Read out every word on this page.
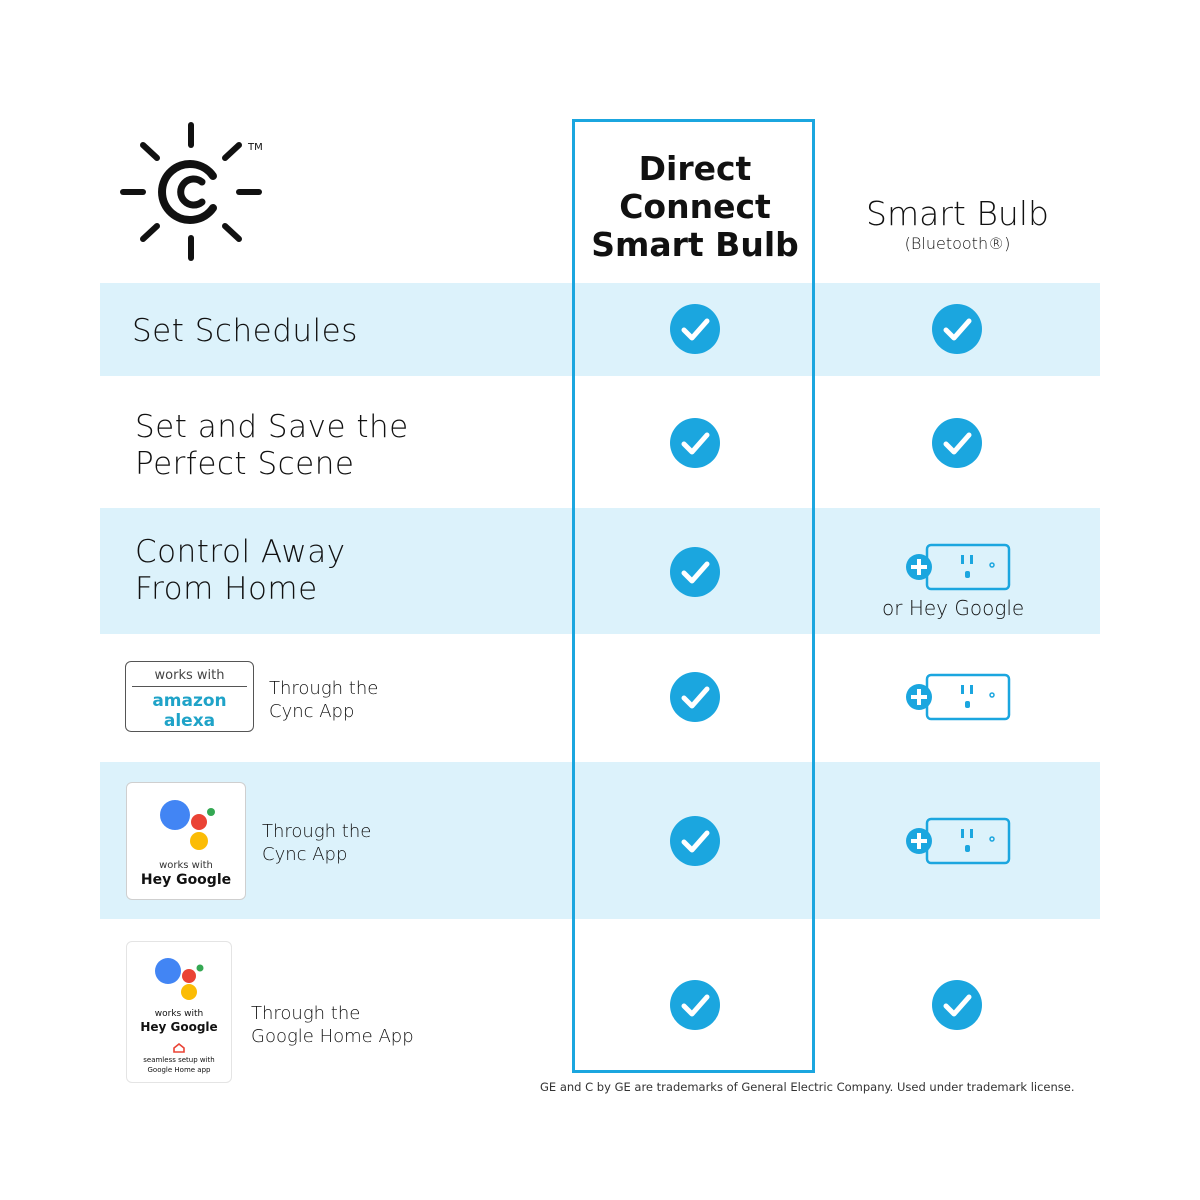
TM
Direct
Connect
Smart Bulb
Smart Bulb
(Bluetooth®)
Set Schedules
Set and Save the
Perfect Scene
Control Away
From Home
works with
amazon alexa
Through the
Cync App
works with
Hey Google
Through the
Cync App
works with
Hey Google
seamless setup with
Google Home app
Through the
Google Home App
or Hey Google
GE and C by GE are trademarks of General Electric Company. Used under trademark license.
